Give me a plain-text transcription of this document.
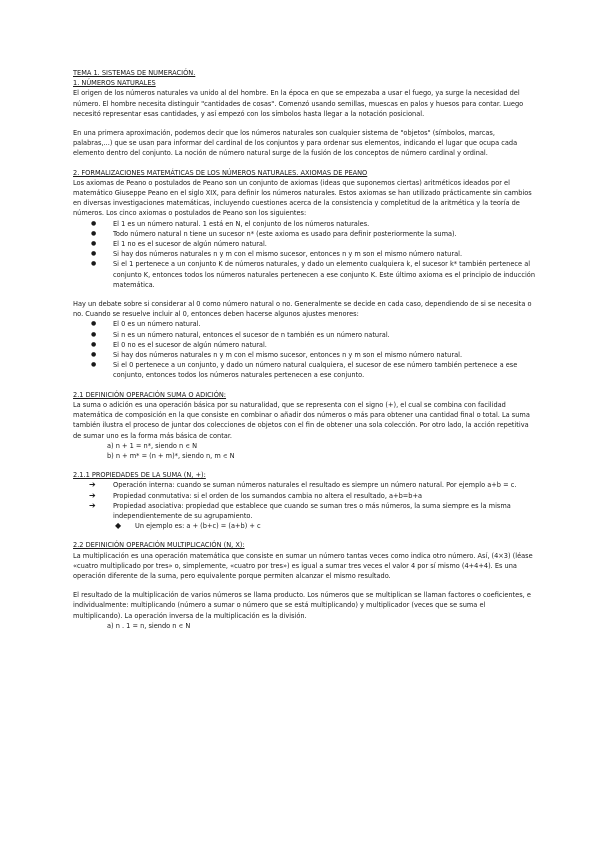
TEMA 1. SISTEMAS DE NUMERACIÓN.

1. NÚMEROS NATURALES

El origen de los números naturales va unido al del hombre. En la época en que se empezaba a usar el fuego, ya surge la necesidad del número. El hombre necesita distinguir "cantidades de cosas". Comenzó usando semillas, muescas en palos y huesos para contar. Luego necesitó representar esas cantidades, y así empezó con los símbolos hasta llegar a la notación posicional.

En una primera aproximación, podemos decir que los números naturales son cualquier sistema de "objetos" (símbolos, marcas, palabras,...) que se usan para informar del cardinal de los conjuntos y para ordenar sus elementos, indicando el lugar que ocupa cada elemento dentro del conjunto. La noción de número natural surge de la fusión de los conceptos de número cardinal y ordinal.

2. FORMALIZACIONES MATEMÁTICAS DE LOS NÚMEROS NATURALES. AXIOMAS DE PEANO

Los axiomas de Peano o postulados de Peano son un conjunto de axiomas (ideas que suponemos ciertas) aritméticos ideados por el matemático Giuseppe Peano en el siglo XIX, para definir los números naturales. Estos axiomas se han utilizado prácticamente sin cambios en diversas investigaciones matemáticas, incluyendo cuestiones acerca de la consistencia y completitud de la aritmética y la teoría de números. Los cinco axiomas o postulados de Peano son los siguientes:

● El 1 es un número natural. 1 está en N, el conjunto de los números naturales.
● Todo número natural n tiene un sucesor n* (este axioma es usado para definir posteriormente la suma).
● El 1 no es el sucesor de algún número natural.
● Si hay dos números naturales n y m con el mismo sucesor, entonces n y m son el mismo número natural.
● Si el 1 pertenece a un conjunto K de números naturales, y dado un elemento cualquiera k, el sucesor k* también pertenece al conjunto K, entonces todos los números naturales pertenecen a ese conjunto K. Este último axioma es el principio de inducción matemática.

Hay un debate sobre si considerar al 0 como número natural o no. Generalmente se decide en cada caso, dependiendo de si se necesita o no. Cuando se resuelve incluir al 0, entonces deben hacerse algunos ajustes menores:

● El 0 es un número natural.
● Si n es un número natural, entonces el sucesor de n también es un número natural.
● El 0 no es el sucesor de algún número natural.
● Si hay dos números naturales n y m con el mismo sucesor, entonces n y m son el mismo número natural.
● Si el 0 pertenece a un conjunto, y dado un número natural cualquiera, el sucesor de ese número también pertenece a ese conjunto, entonces todos los números naturales pertenecen a ese conjunto.

2.1 DEFINICIÓN OPERACIÓN SUMA O ADICIÓN:

La suma o adición es una operación básica por su naturalidad, que se representa con el signo (+), el cual se combina con facilidad matemática de composición en la que consiste en combinar o añadir dos números o más para obtener una cantidad final o total. La suma también ilustra el proceso de juntar dos colecciones de objetos con el fin de obtener una sola colección. Por otro lado, la acción repetitiva de sumar uno es la forma más básica de contar.

a) n + 1 = n*, siendo n ∊ N

b) n + m* = (n + m)*, siendo n, m ∊ N

2.1.1 PROPIEDADES DE LA SUMA (N, +):

➔	Operación interna: cuando se suman números naturales el resultado es siempre un número natural. Por ejemplo a+b = c.
➔	Propiedad conmutativa: si el orden de los sumandos cambia no altera el resultado, a+b=b+a
➔	Propiedad asociativa: propiedad que establece que cuando se suman tres o más números, la suma siempre es la misma independientemente de su agrupamiento.
◆ Un ejemplo es: a + (b+c) = (a+b) + c

2.2 DEFINICIÓN OPERACIÓN MULTIPLICACIÓN (N, X):

La multiplicación es una operación matemática que consiste en sumar un número tantas veces como indica otro número. Así, (4×3) (léase «cuatro multiplicado por tres» o, simplemente, «cuatro por tres») es igual a sumar tres veces el valor 4 por sí mismo (4+4+4). Es una operación diferente de la suma, pero equivalente porque permiten alcanzar el mismo resultado.

El resultado de la multiplicación de varios números se llama producto. Los números que se multiplican se llaman factores o coeficientes, e individualmente: multiplicando (número a sumar o número que se está multiplicando) y multiplicador (veces que se suma el multiplicando). La operación inversa de la multiplicación es la división.

a) n . 1 = n, siendo n ∊ N
